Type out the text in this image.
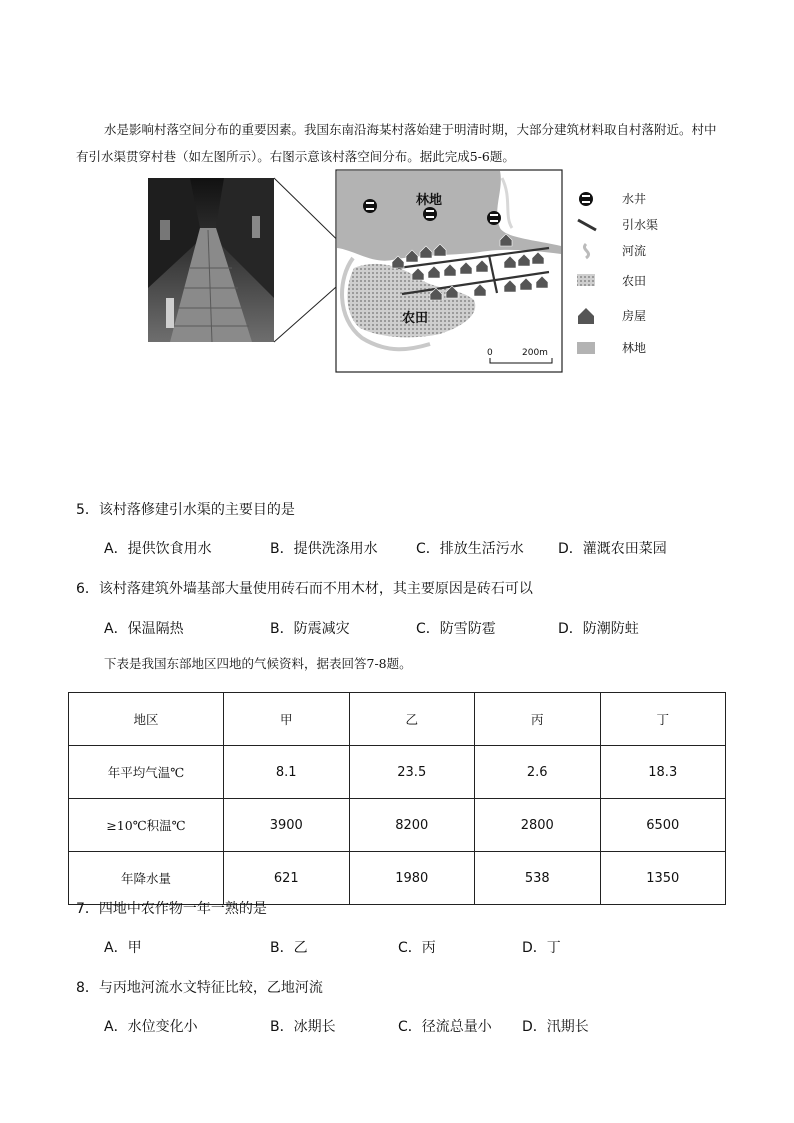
水是影响村落空间分布的重要因素。我国东南沿海某村落始建于明清时期，大部分建筑材料取自村落附近。村中有引水渠贯穿村巷（如左图所示）。右图示意该村落空间分布。据此完成5-6题。

林地
农田
0	200m
水井
引水渠
河流
农田
房屋
林地
5．该村落修建引水渠的主要目的是
A．提供饮食用水	B．提供洗涤用水	C．排放生活污水 D．灌溉农田菜园
6．该村落建筑外墙基部大量使用砖石而不用木材，其主要原因是砖石可以
A．保温隔热	B．防震减灾	C．防雪防雹	D．防潮防蛀
下表是我国东部地区四地的气候资料，据表回答7-8题。
地区	甲	乙	丙	丁
年平均气温℃	8.1	23.5	2.6	18.3
≥10℃积温℃	3900	8200	2800	6500
年降水量	621	1980	538	1350
7．四地中农作物一年一熟的是
A．甲	B．乙	C．丙	D．丁
8．与丙地河流水文特征比较，乙地河流
A．水位变化小	B．冰期长	C．径流总量小 D．汛期长
